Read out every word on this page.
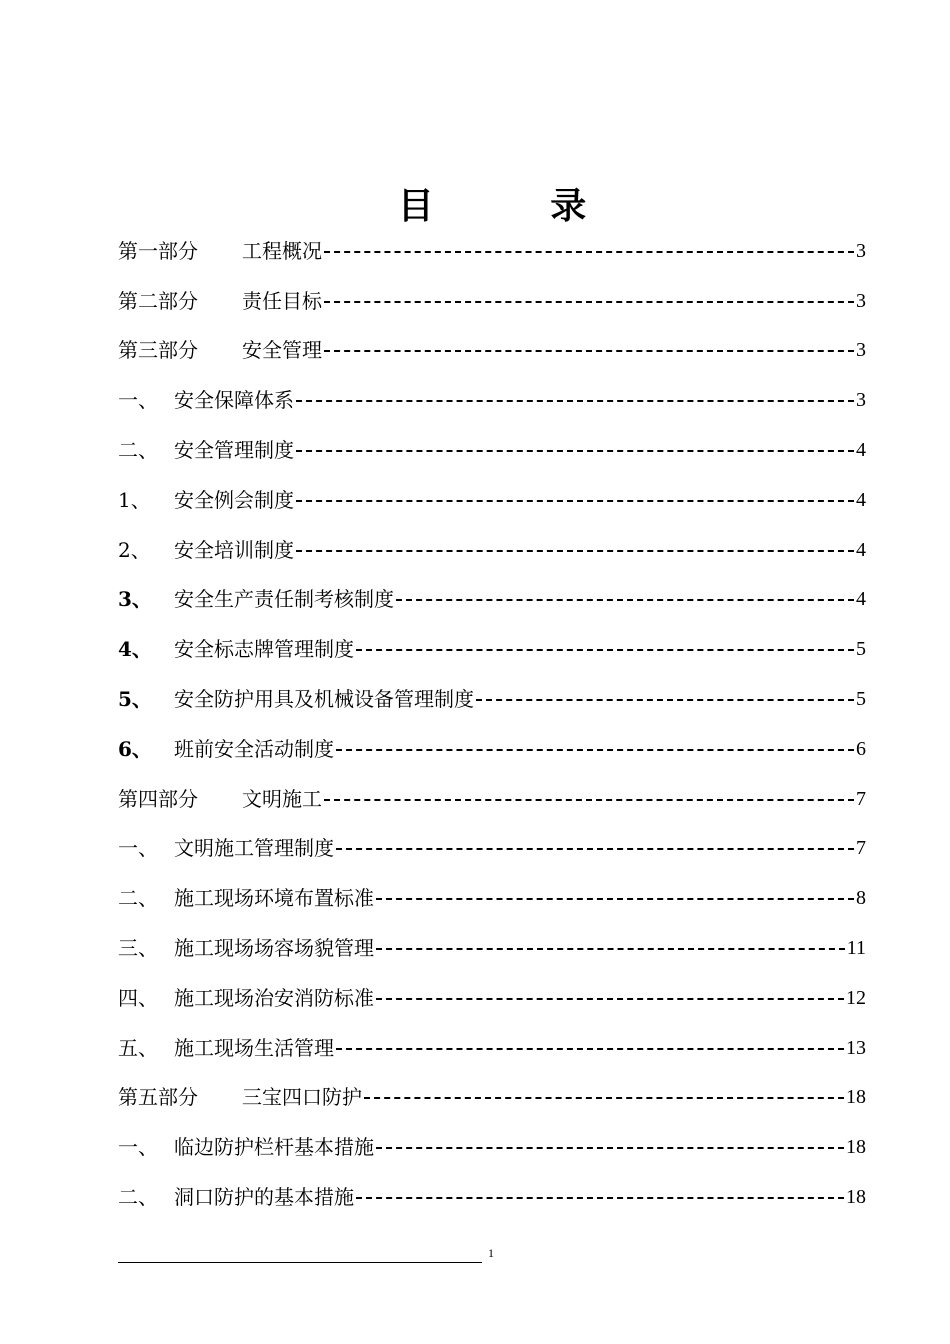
目 录
第一部分	工程概况	3
第二部分	责任目标	3
第三部分	安全管理	3
一、 安全保障体系	3
二、 安全管理制度	4
1、	安全例会制度	4
2、	安全培训制度	4
3、	安全生产责任制考核制度	4
4、	安全标志牌管理制度	5
5、	安全防护用具及机械设备管理制度	5
6、	班前安全活动制度	6
第四部分	文明施工	7
一、 文明施工管理制度	7
二、 施工现场环境布置标准	8
三、 施工现场场容场貌管理	11
四、 施工现场治安消防标准	12
五、 施工现场生活管理	13
第五部分	三宝四口防护	18
一、 临边防护栏杆基本措施	18
二、 洞口防护的基本措施	18
1
